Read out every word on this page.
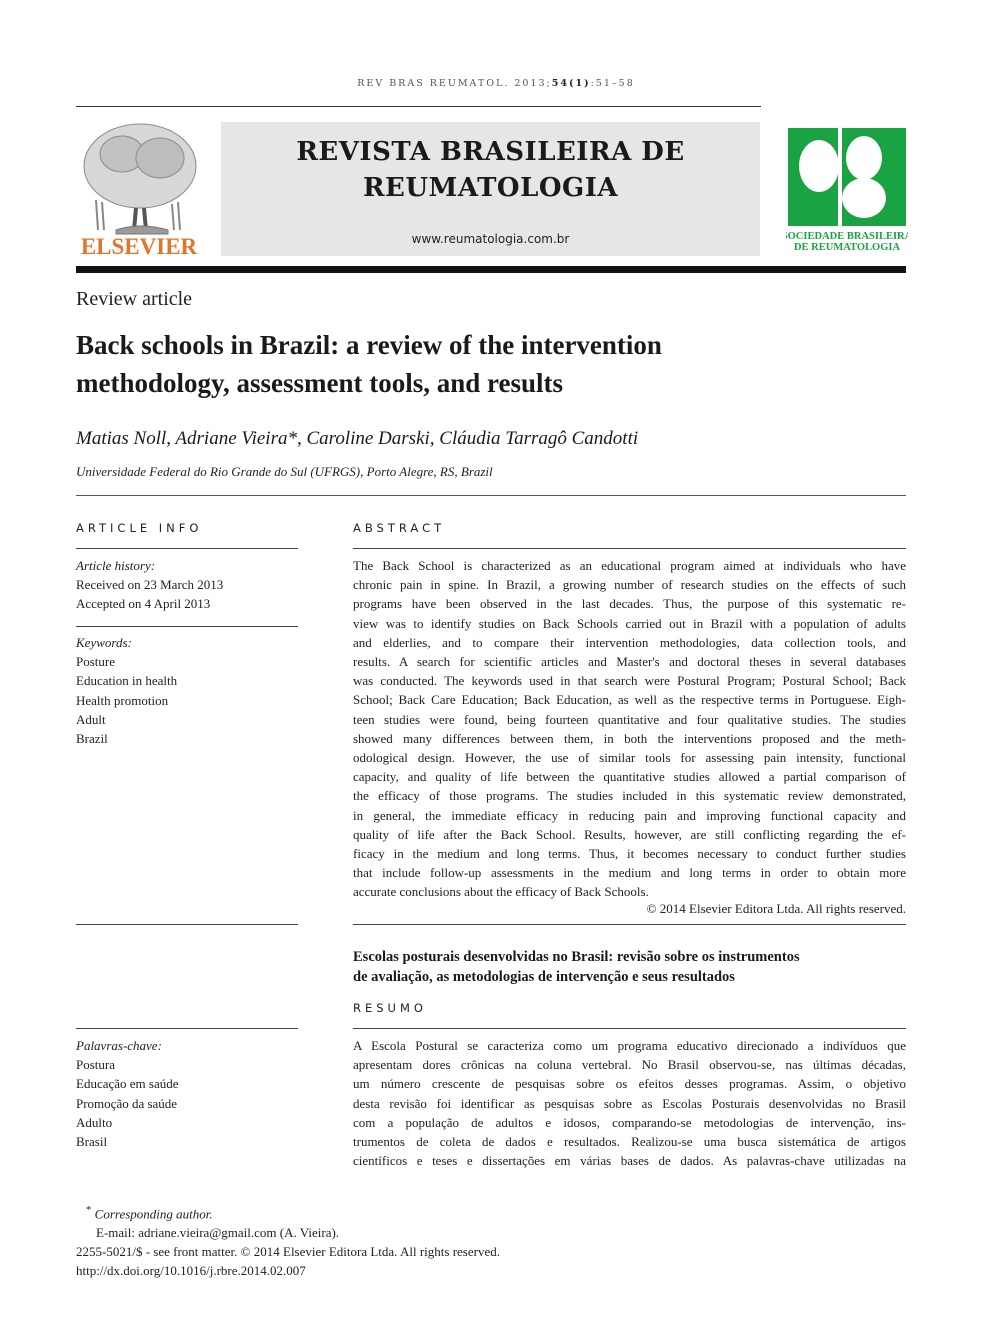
REV BRAS REUMATOL. 2013;54(1):51–58
ELSEVIER
REVISTA BRASILEIRA DE
REUMATOLOGIA
www.reumatologia.com.br	SOCIEDADE BRASILEIRA
DE REUMATOLOGIA
Review article
Back schools in Brazil: a review of the intervention
methodology, assessment tools, and results
Matias Noll, Adriane Vieira*, Caroline Darski, Cláudia Tarragô Candotti
Universidade Federal do Rio Grande do Sul (UFRGS), Porto Alegre, RS, Brazil
ARTICLE INFO
Article history:
Received on 23 March 2013
Accepted on 4 April 2013
Keywords:
Posture
Education in health
Health promotion
Adult
Brazil
ABSTRACT
The Back School is characterized as an educational program aimed at individuals who have
chronic pain in spine. In Brazil, a growing number of research studies on the effects of such
programs have been observed in the last decades. Thus, the purpose of this systematic re-
view was to identify studies on Back Schools carried out in Brazil with a population of adults
and elderlies, and to compare their intervention methodologies, data collection tools, and
results. A search for scientific articles and Master's and doctoral theses in several databases
was conducted. The keywords used in that search were Postural Program; Postural School; Back
School; Back Care Education; Back Education, as well as the respective terms in Portuguese. Eigh-
teen studies were found, being fourteen quantitative and four qualitative studies. The studies
showed many differences between them, in both the interventions proposed and the meth-
odological design. However, the use of similar tools for assessing pain intensity, functional
capacity, and quality of life between the quantitative studies allowed a partial comparison of
the efficacy of those programs. The studies included in this systematic review demonstrated,
in general, the immediate efficacy in reducing pain and improving functional capacity and
quality of life after the Back School. Results, however, are still conflicting regarding the ef-
ficacy in the medium and long terms. Thus, it becomes necessary to conduct further studies
that include follow-up assessments in the medium and long terms in order to obtain more
accurate conclusions about the efficacy of Back Schools.
© 2014 Elsevier Editora Ltda. All rights reserved.
Escolas posturais desenvolvidas no Brasil: revisão sobre os instrumentos
de avaliação, as metodologias de intervenção e seus resultados
RESUMO
Palavras-chave:
Postura
Educação em saúde
Promoção da saúde
Adulto
Brasil
A Escola Postural se caracteriza como um programa educativo direcionado a indivíduos que
apresentam dores crônicas na coluna vertebral. No Brasil observou-se, nas últimas décadas,
um número crescente de pesquisas sobre os efeitos desses programas. Assim, o objetivo
desta revisão foi identificar as pesquisas sobre as Escolas Posturais desenvolvidas no Brasil
com a população de adultos e idosos, comparando-se metodologias de intervenção, ins-
trumentos de coleta de dados e resultados. Realizou-se uma busca sistemática de artigos
científicos e teses e dissertações em várias bases de dados. As palavras-chave utilizadas na
* Corresponding author.
E-mail: adriane.vieira@gmail.com (A. Vieira).
2255-5021/$ - see front matter. © 2014 Elsevier Editora Ltda. All rights reserved.
http://dx.doi.org/10.1016/j.rbre.2014.02.007
